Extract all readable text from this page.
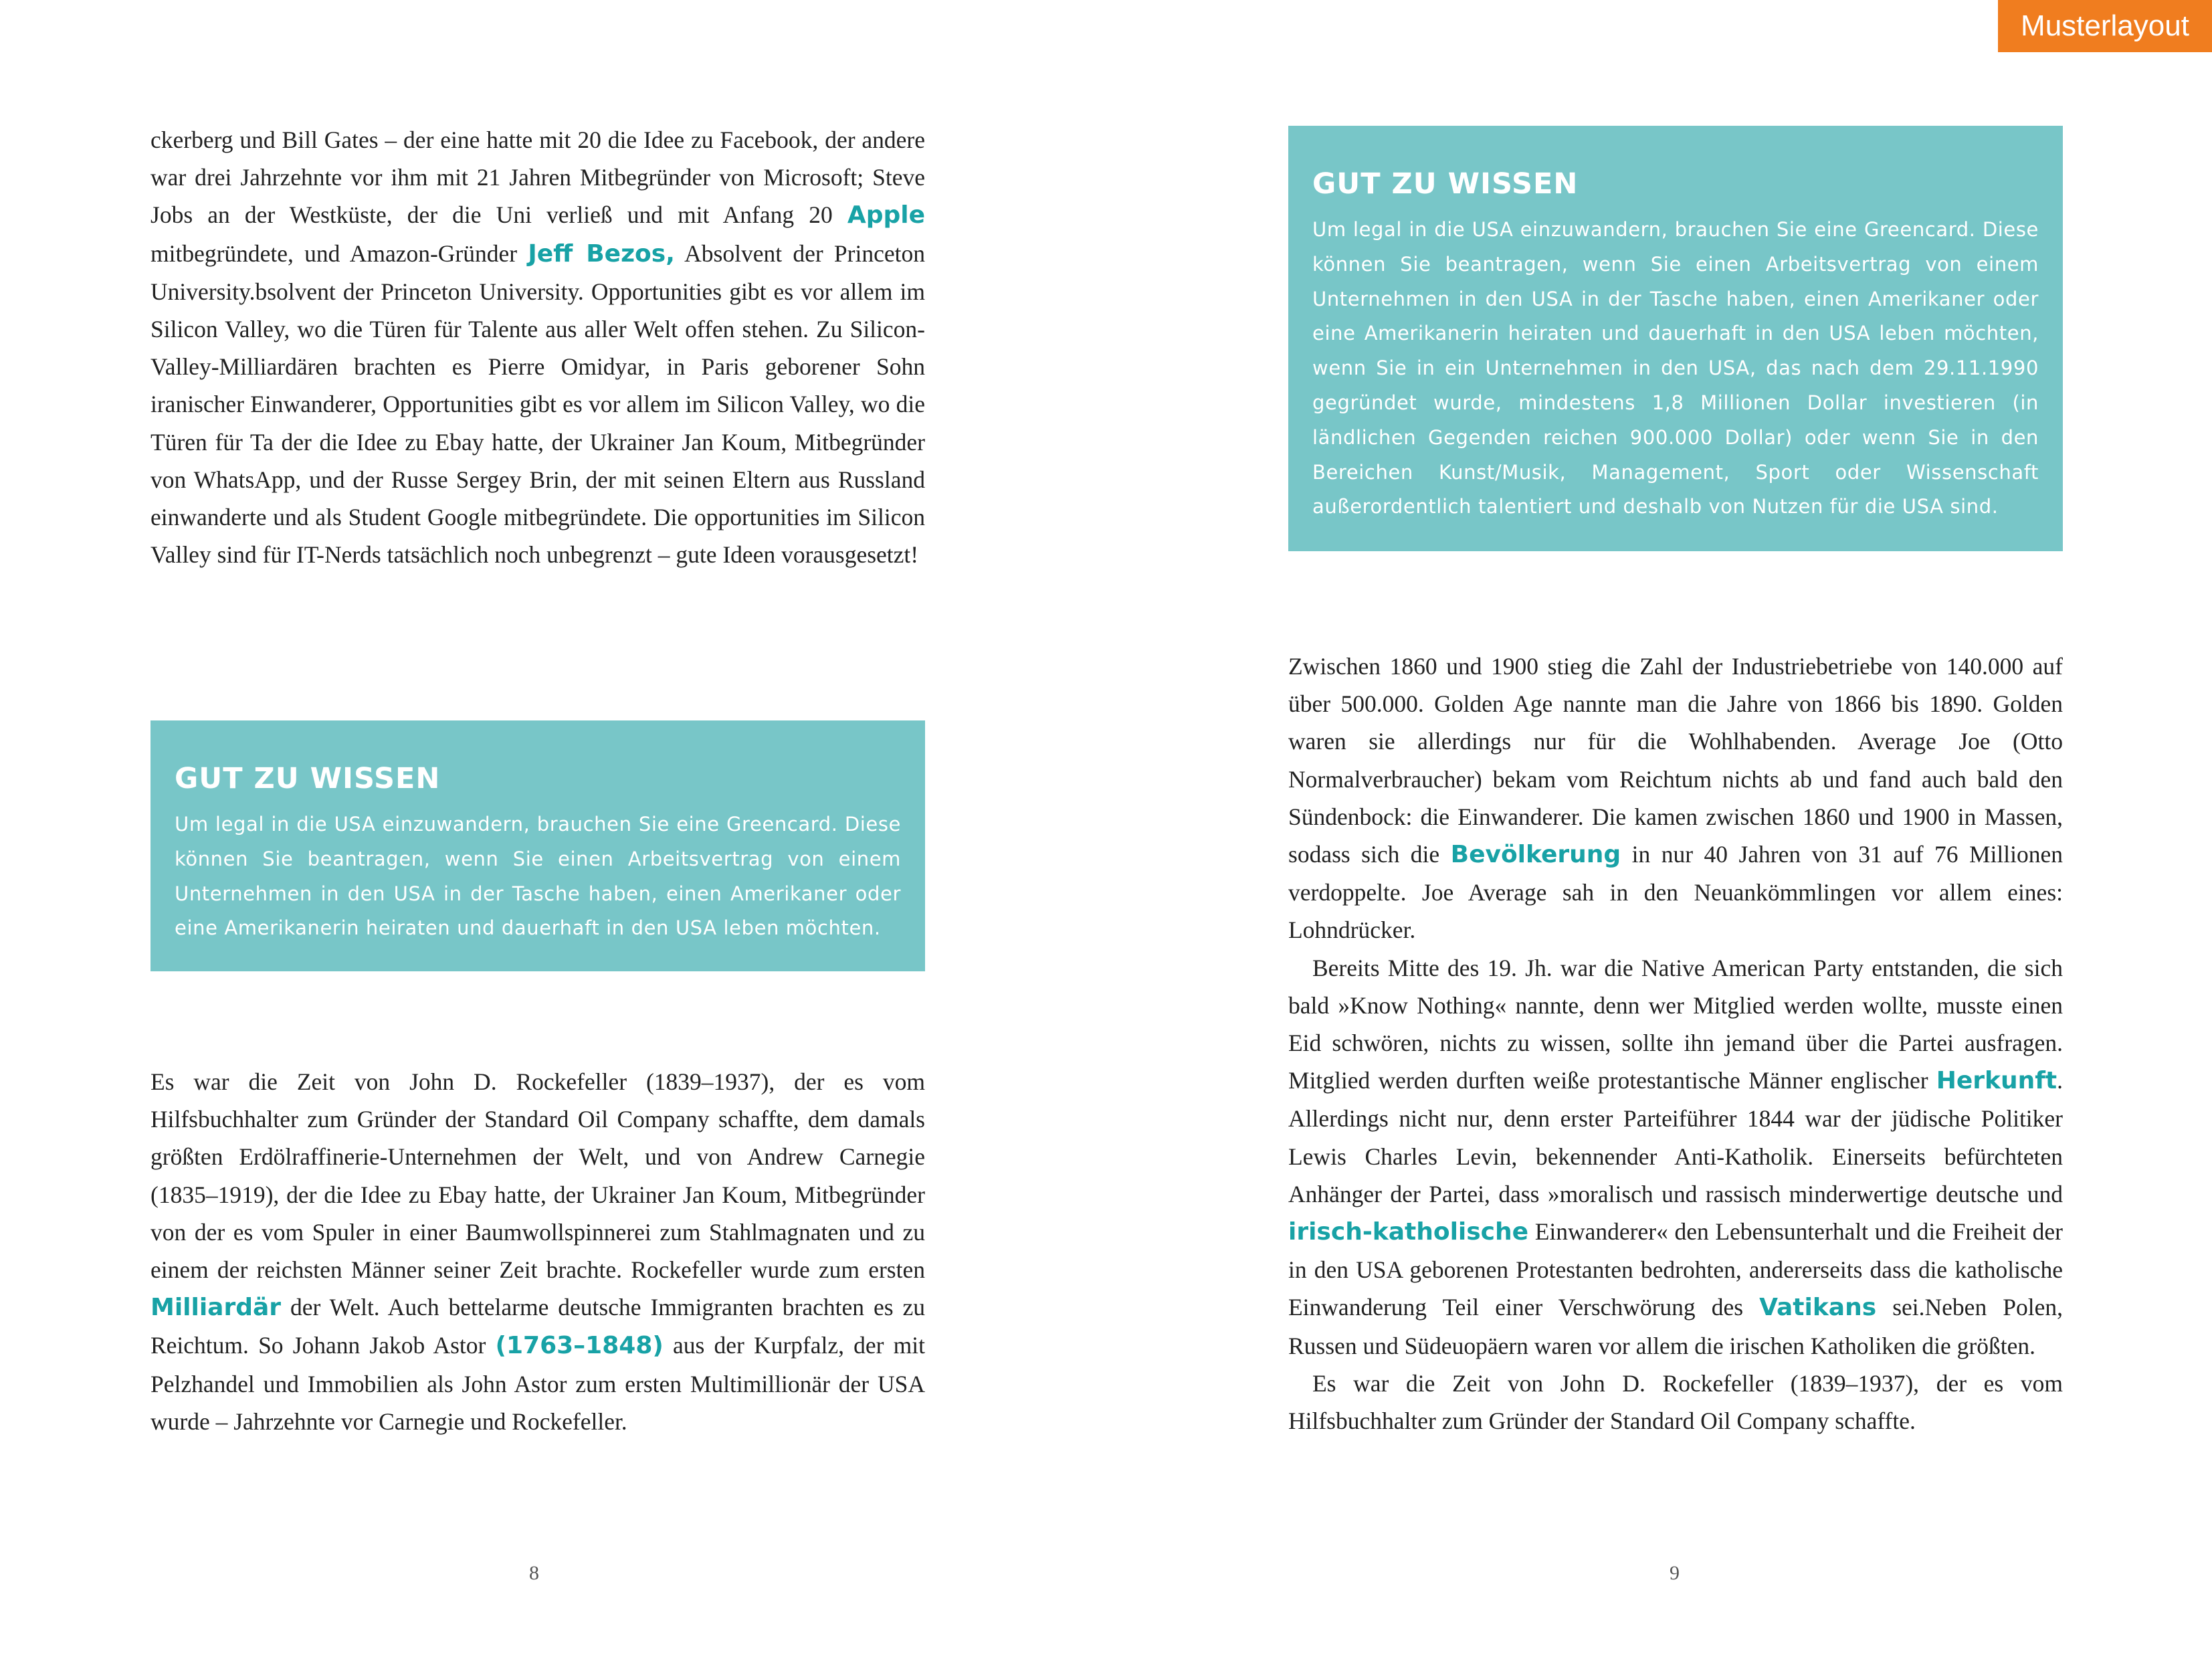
Musterlayout

ckerberg und Bill Gates – der eine hatte mit 20 die Idee zu Facebook, der andere war drei Jahrzehnte vor ihm mit 21 Jahren Mitbegründer von Microsoft; Steve Jobs an der Westküste, der die Uni verließ und mit Anfang 20 Apple mitbegründete, und Amazon-Gründer Jeff Bezos, Absolvent der Princeton University.bsolvent der Princeton University. Opportunities gibt es vor allem im Silicon Valley, wo die Türen für Talente aus aller Welt offen stehen. Zu Silicon-Valley-Milliardären brachten es Pierre Omidyar, in Paris geborener Sohn iranischer Einwanderer, Opportunities gibt es vor allem im Silicon Valley, wo die Türen für Ta der die Idee zu Ebay hatte, der Ukrainer Jan Koum, Mitbegründer von WhatsApp, und der Russe Sergey Brin, der mit seinen Eltern aus Russland einwanderte und als Student Google mitbegründete. Die opportunities im Silicon Valley sind für IT-Nerds tatsächlich noch unbegrenzt – gute Ideen vorausgesetzt!

GUT ZU WISSEN

Um legal in die USA einzuwandern, brauchen Sie eine Greencard. Diese können Sie beantragen, wenn Sie einen Arbeitsvertrag von einem Unternehmen in den USA in der Tasche haben, einen Amerikaner oder eine Amerikanerin heiraten und dauerhaft in den USA leben möchten.

Es war die Zeit von John D. Rockefeller (1839–1937), der es vom Hilfsbuchhalter zum Gründer der Standard Oil Company schaffte, dem damals größten Erdölraffinerie-Unternehmen der Welt, und von Andrew Carnegie (1835–1919), der die Idee zu Ebay hatte, der Ukrainer Jan Koum, Mitbegründer von der es vom Spuler in einer Baumwollspinnerei zum Stahlmagnaten und zu einem der reichsten Männer seiner Zeit brachte. Rockefeller wurde zum ersten Milliardär der Welt. Auch bettelarme deutsche Immigranten brachten es zu Reichtum. So Johann Jakob Astor (1763–1848) aus der Kurpfalz, der mit Pelzhandel und Immobilien als John Astor zum ersten Multimillionär der USA wurde – Jahrzehnte vor Carnegie und Rockefeller.

8
GUT ZU WISSEN

Um legal in die USA einzuwandern, brauchen Sie eine Greencard. Diese können Sie beantragen, wenn Sie einen Arbeitsvertrag von einem Unternehmen in den USA in der Tasche haben, einen Amerikaner oder eine Amerikanerin heiraten und dauerhaft in den USA leben möchten, wenn Sie in ein Unternehmen in den USA, das nach dem 29.11.1990 gegründet wurde, mindestens 1,8 Millionen Dollar investieren (in ländlichen Gegenden reichen 900.000 Dollar) oder wenn Sie in den Bereichen Kunst/Musik, Management, Sport oder Wissenschaft außerordentlich talentiert und deshalb von Nutzen für die USA sind.

Zwischen 1860 und 1900 stieg die Zahl der Industriebetriebe von 140.000 auf über 500.000. Golden Age nannte man die Jahre von 1866 bis 1890. Golden waren sie allerdings nur für die Wohlhabenden. Average Joe (Otto Normalverbraucher) bekam vom Reichtum nichts ab und fand auch bald den Sündenbock: die Einwanderer. Die kamen zwischen 1860 und 1900 in Massen, sodass sich die Bevölkerung in nur 40 Jahren von 31 auf 76 Millionen verdoppelte. Joe Average sah in den Neuankömmlingen vor allem eines: Lohndrücker.

Bereits Mitte des 19. Jh. war die Native American Party entstanden, die sich bald »Know Nothing« nannte, denn wer Mitglied werden wollte, musste einen Eid schwören, nichts zu wissen, sollte ihn jemand über die Partei ausfragen. Mitglied werden durften weiße protestantische Männer englischer Herkunft. Allerdings nicht nur, denn erster Parteiführer 1844 war der jüdische Politiker Lewis Charles Levin, bekennender Anti-Katholik. Einerseits befürchteten Anhänger der Partei, dass »moralisch und rassisch minderwertige deutsche und irisch-katholische Einwanderer« den Lebensunterhalt und die Freiheit der in den USA geborenen Protestanten bedrohten, andererseits dass die katholische Einwanderung Teil einer Verschwörung des Vatikans sei.Neben Polen, Russen und Südeuopäern waren vor allem die irischen Katholiken die größten.

Es war die Zeit von John D. Rockefeller (1839–1937), der es vom Hilfsbuchhalter zum Gründer der Standard Oil Company schaffte.

9
